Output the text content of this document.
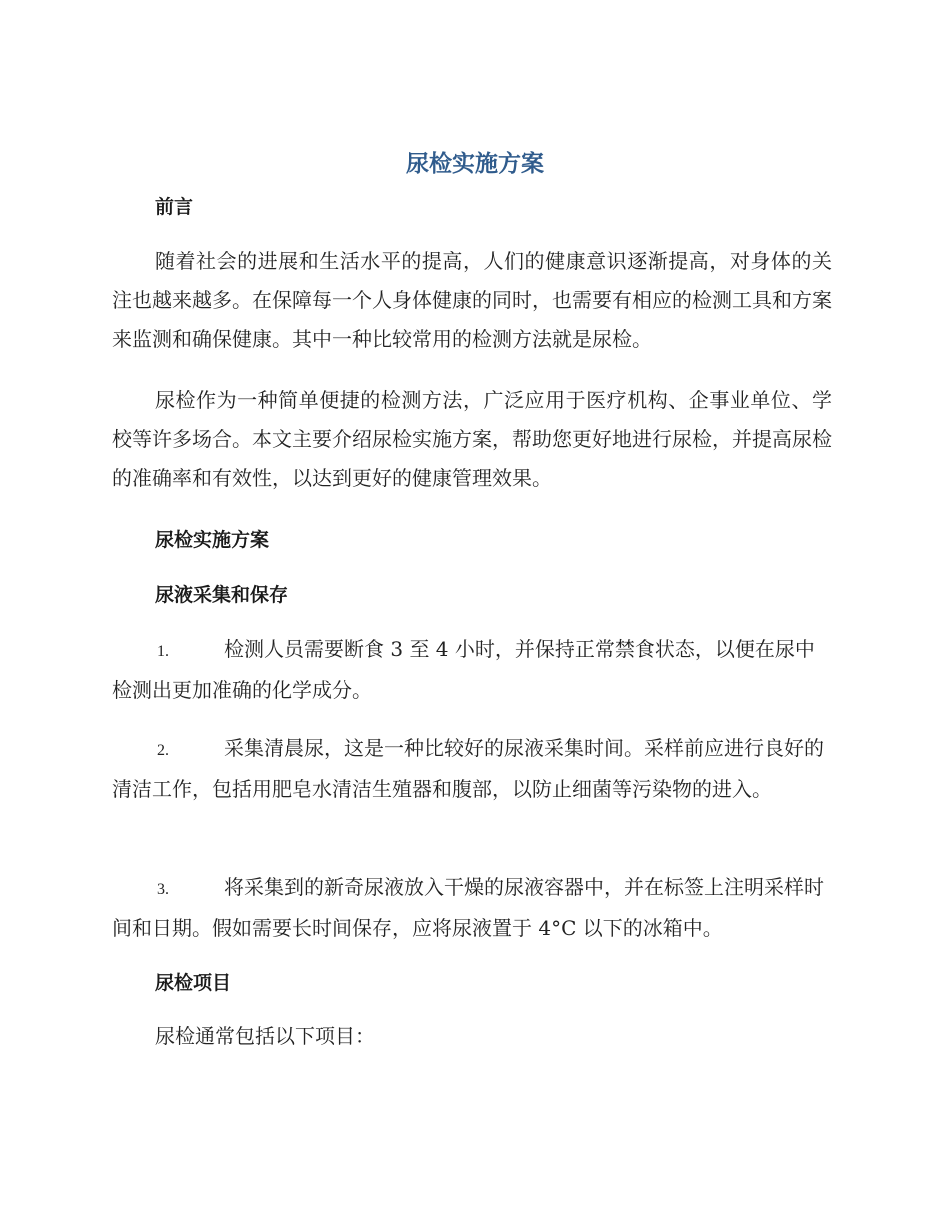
尿检实施方案
前言
随着社会的进展和生活水平的提高，人们的健康意识逐渐提高，对身体的关注也越来越多。在保障每一个人身体健康的同时，也需要有相应的检测工具和方案来监测和确保健康。其中一种比较常用的检测方法就是尿检。
尿检作为一种简单便捷的检测方法，广泛应用于医疗机构、企事业单位、学校等许多场合。本文主要介绍尿检实施方案，帮助您更好地进行尿检，并提高尿检的准确率和有效性，以达到更好的健康管理效果。
尿检实施方案
尿液采集和保存
1.	检测人员需要断食 3 至 4 小时，并保持正常禁食状态，以便在尿中检测出更加准确的化学成分。
2.	采集清晨尿，这是一种比较好的尿液采集时间。采样前应进行良好的清洁工作，包括用肥皂水清洁生殖器和腹部，以防止细菌等污染物的进入。
3.	将采集到的新奇尿液放入干燥的尿液容器中，并在标签上注明采样时间和日期。假如需要长时间保存，应将尿液置于 4°C 以下的冰箱中。
尿检项目
尿检通常包括以下项目：
